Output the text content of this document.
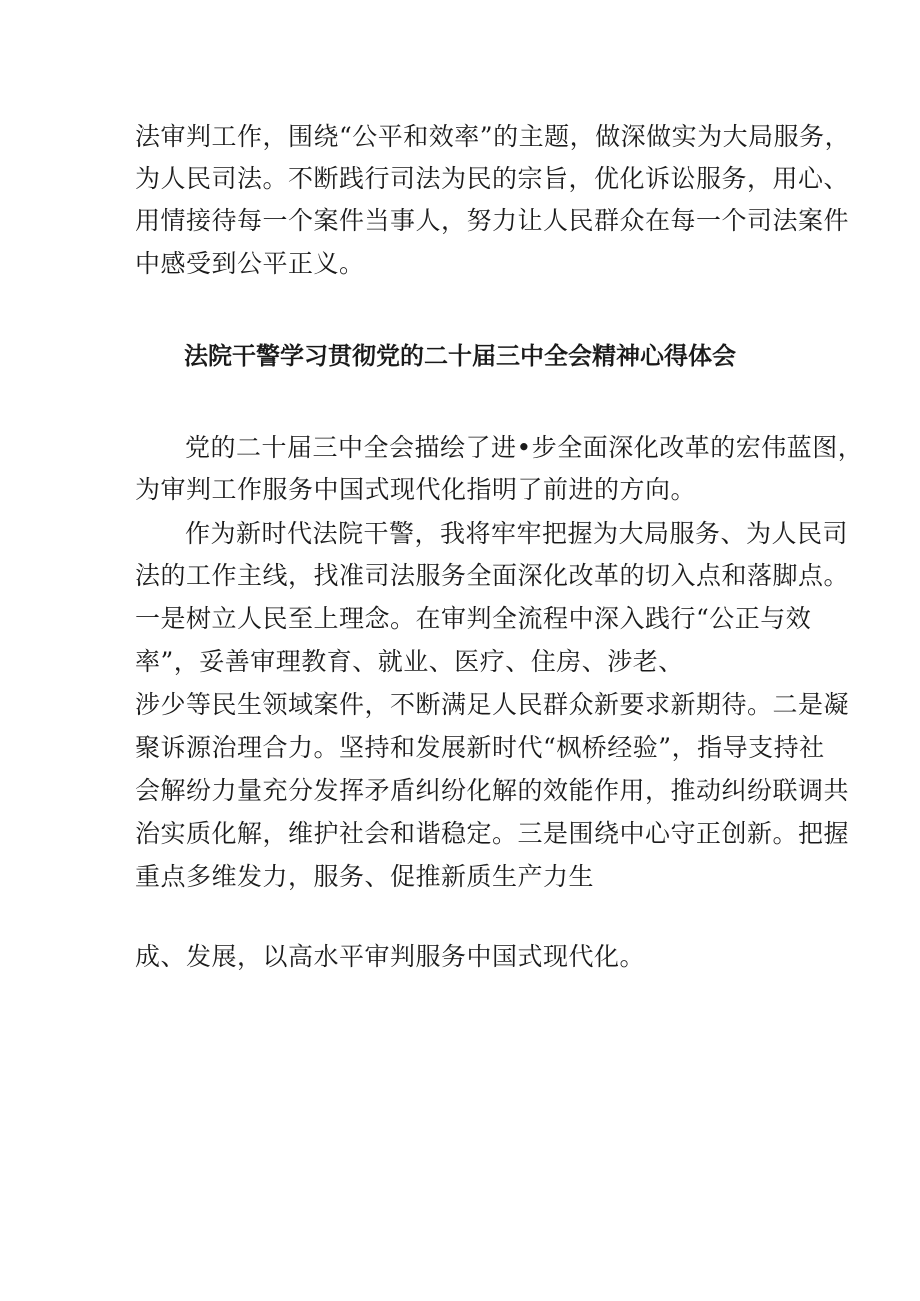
法审判工作，围绕“公平和效率”的主题，做深做实为大局服务，
为人民司法。不断践行司法为民的宗旨，优化诉讼服务，用心、
用情接待每一个案件当事人，努力让人民群众在每一个司法案件
中感受到公平正义。
法院干警学习贯彻党的二十届三中全会精神心得体会
党的二十届三中全会描绘了进•步全面深化改革的宏伟蓝图，
为审判工作服务中国式现代化指明了前进的方向。
作为新时代法院干警，我将牢牢把握为大局服务、为人民司
法的工作主线，找准司法服务全面深化改革的切入点和落脚点。
一是树立人民至上理念。在审判全流程中深入践行“公正与效
率”，妥善审理教育、就业、医疗、住房、涉老、
涉少等民生领域案件，不断满足人民群众新要求新期待。二是凝
聚诉源治理合力。坚持和发展新时代“枫桥经验”，指导支持社
会解纷力量充分发挥矛盾纠纷化解的效能作用，推动纠纷联调共
治实质化解，维护社会和谐稳定。三是围绕中心守正创新。把握
重点多维发力，服务、促推新质生产力生
成、发展，以高水平审判服务中国式现代化。
